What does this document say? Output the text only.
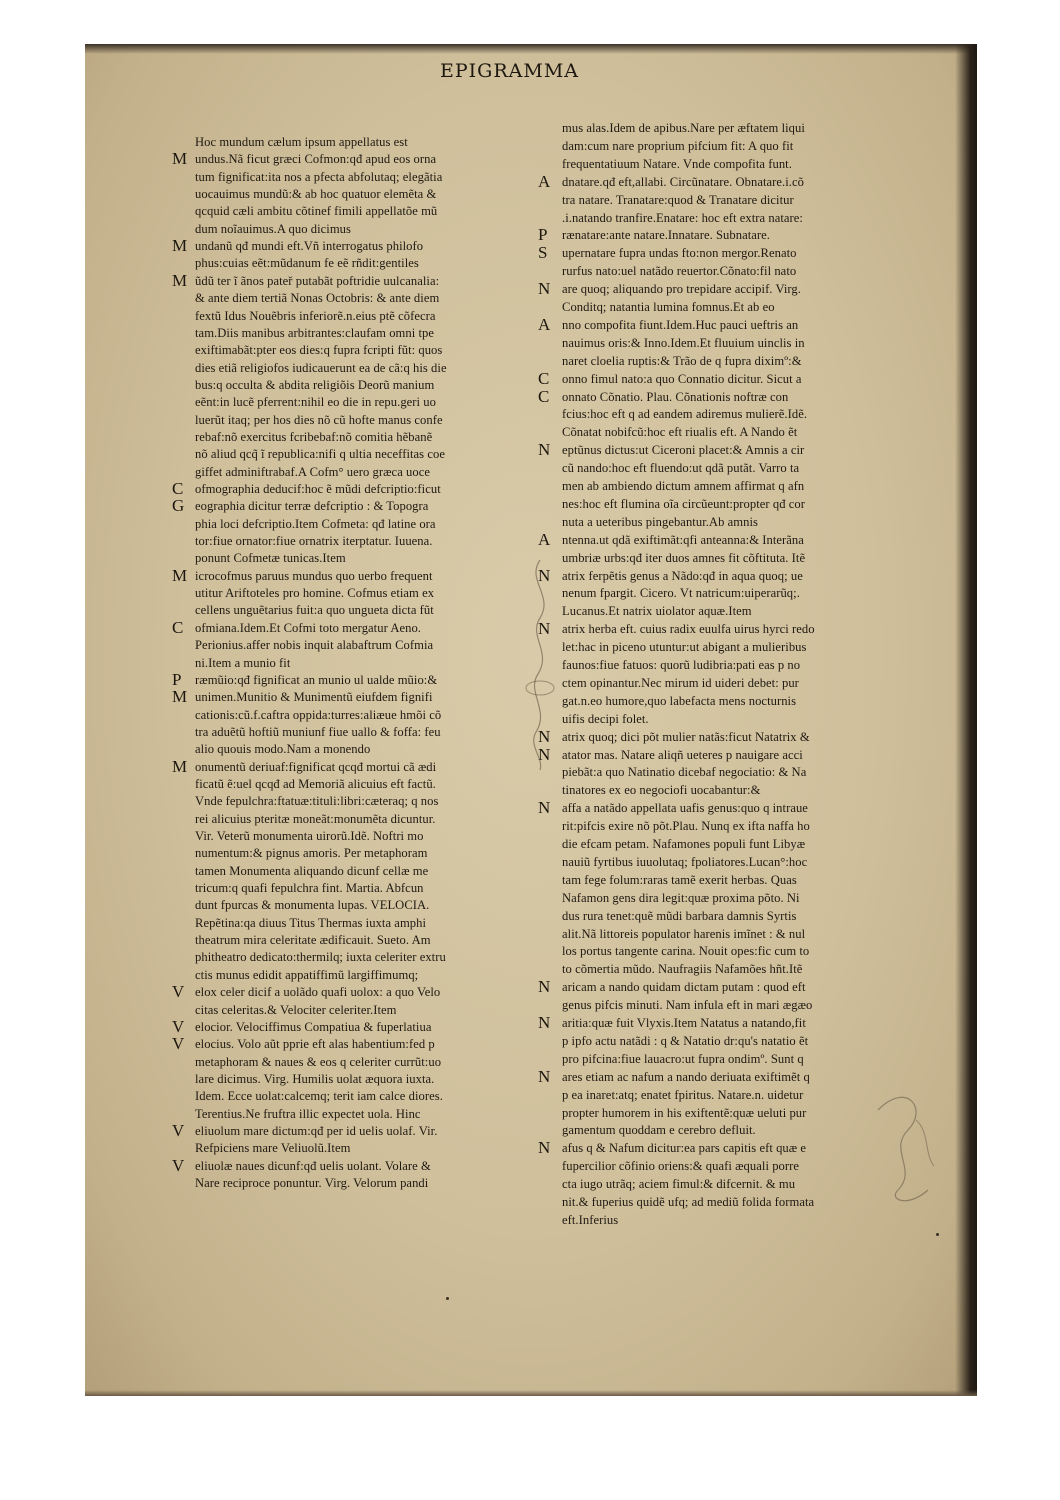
EPIGRAMMA
Hoc mundum cælum ipsum appellatus est
M undus.Nã ficut græci Cofmon:qđ apud eos orna
tum fignificat:ita nos a pfecta abfolutaq; elegãtia
uocauimus mundũ:& ab hoc quatuor elemẽta &
qcquid cæli ambitu cõtinef fimili appellatõe mũ
dum noĩauimus.A quo dicimus
M undanũ qđ mundi eft.Vñ interrogatus philofo
phus:cuias eẽt:mũdanum fe eẽ rñdit:gentiles
M ũdũ ter ĩ ãnos pateř putabãt poftridie uulcanalia:
& ante diem tertiã Nonas Octobris: & ante diem
fextũ Idus Nouẽbris inferiorẽ.n.eius ptẽ cõfecra
tam.Diis manibus arbitrantes:claufam omni tpe
exiftimabãt:pter eos dies:q fupra fcripti fũt: quos
dies etiã religiofos iudicauerunt ea de cã:q his die
bus:q occulta & abdita religiõis Deorũ manium
eẽnt:in lucẽ pferrent:nihil eo die in repu.geri uo
luerũt itaq; per hos dies nõ cũ hofte manus confe
rebaf:nõ exercitus fcribebaf:nõ comitia hẽbanẽ
nõ aliud qcq̃ ĩ republica:nifi q ultia neceffitas coe
giffet adminiftrabaf.A Cofm° uero græca uoce
C ofmographia deducif:hoc ẽ mũdi defcriptio:ficut
G eographia dicitur terræ defcriptio : & Topogra
phia loci defcriptio.Item Cofmeta: qđ latine ora
tor:fiue ornator:fiue ornatrix iterptatur. Iuuena.
ponunt Cofmetæ tunicas.Item
M icrocofmus paruus mundus quo uerbo frequent
utitur Ariftoteles pro homine. Cofmus etiam ex
cellens unguẽtarius fuit:a quo ungueta dicta fũt
C ofmiana.Idem.Et Cofmi toto mergatur Aeno.
Perionius.affer nobis inquit alabaftrum Cofmia
ni.Item a munio fit
P ræmũio:qđ fignificat an munio ul ualde mũio:&
M unimen.Munitio & Munimentũ eiufdem fignifi
cationis:cũ.f.caftra oppida:turres:aliæue hmõi cõ
tra aduẽtũ hoftiũ muniunf fiue uallo & foffa: feu
alio quouis modo.Nam a monendo
M onumentũ deriuaf:fignificat qcqđ mortui cã ædi
ficatũ ẽ:uel qcqđ ad Memoriã alicuius eft factũ.
Vnde fepulchra:ftatuæ:tituli:libri:cæteraq; q nos
rei alicuius pteritæ moneãt:monumẽta dicuntur.
Vir. Veterũ monumenta uirorũ.Idẽ. Noftri mo
numentum:& pignus amoris. Per metaphoram
tamen Monumenta aliquando dicunf cellæ me
tricum:q quafi fepulchra fint. Martia. Abfcun
dunt fpurcas & monumenta lupas. VELOCIA.
Repẽtina:qa diuus Titus Thermas iuxta amphi
theatrum mira celeritate ædificauit. Sueto. Am
phitheatro dedicato:thermilq; iuxta celeriter extru
ctis munus edidit appatiffimũ largiffimumq;
V elox celer dicif a uolãdo quafi uolox: a quo Velo
citas celeritas.& Velociter celeriter.Item
V elocior. Velociffimus Compatiua & fuperlatiua
V elocius. Volo aũt pprie eft alas habentium:fed p
metaphoram & naues & eos q celeriter currũt:uo
lare dicimus. Virg. Humilis uolat æquora iuxta.
Idem. Ecce uolat:calcemq; terit iam calce diores.
Terentius.Ne fruftra illic expectet uola. Hinc
V eliuolum mare dictum:qđ per id uelis uolaf. Vir.
Refpiciens mare Veliuolũ.Item
V eliuolæ naues dicunf:qđ uelis uolant. Volare &
Nare reciproce ponuntur. Virg. Velorum pandi
mus alas.Idem de apibus.Nare per æftatem liqui
dam:cum nare proprium pifcium fit: A quo fit
frequentatiuum Natare. Vnde compofita funt.
A dnatare.qđ eft,allabi. Circũnatare. Obnatare.i.cõ
tra natare. Tranatare:quod & Tranatare dicitur
.i.natando tranfire.Enatare: hoc eft extra natare:
P rænatare:ante natare.Innatare. Subnatare.
S upernatare fupra undas fto:non mergor.Renato
rurfus nato:uel natãdo reuertor.Cõnato:fil nato
N are quoq; aliquando pro trepidare accipif. Virg.
Conditq; natantia lumina fomnus.Et ab eo
A nno compofita fiunt.Idem.Huc pauci ueftris an
nauimus oris:& Inno.Idem.Et fluuium uinclis in
naret cloelia ruptis:& Trão de q fupra diximº:&
C onno fimul nato:a quo Connatio dicitur. Sicut a
C onnato Cõnatio. Plau. Cõnationis noftræ con
fcius:hoc eft q ad eandem adiremus mulierẽ.Idẽ.
Cõnatat nobifcũ:hoc eft riualis eft. A Nando ẽt
N eptũnus dictus:ut Ciceroni placet:& Amnis a cir
cũ nando:hoc eft fluendo:ut qdã putãt. Varro ta
men ab ambiendo dictum amnem affirmat q afn
nes:hoc eft flumina oĩa circũeunt:propter qđ cor
nuta a ueteribus pingebantur.Ab amnis
A ntenna.ut qdã exiftimãt:qfi anteanna:& Interãna
umbriæ urbs:qđ iter duos amnes fit cõftituta. Itẽ
N atrix ferpẽtis genus a Nãdo:qđ in aqua quoq; ue
nenum fpargit. Cicero. Vt natricum:uiperarũq;.
Lucanus.Et natrix uiolator aquæ.Item
N atrix herba eft. cuius radix euulfa uirus hyrci redo
let:hac in piceno utuntur:ut abigant a mulieribus
faunos:fiue fatuos: quorũ ludibria:pati eas p no
ctem opinantur.Nec mirum id uideri debet: pur
gat.n.eo humore,quo labefacta mens nocturnis
uifis decipi folet.
N atrix quoq; dici põt mulier natãs:ficut Natatrix &
N atator mas. Natare aliqñ ueteres p nauigare acci
piebãt:a quo Natinatio dicebaf negociatio: & Na
tinatores ex eo negociofi uocabantur:&
N affa a natãdo appellata uafis genus:quo q intraue
rit:pifcis exire nõ põt.Plau. Nunq ex ifta naffa ho
die efcam petam. Nafamones populi funt Libyæ
nauiũ fyrtibus iuuolutaq; fpoliatores.Lucan°:hoc
tam fege folum:raras tamẽ exerit herbas. Quas
Nafamon gens dira legit:quæ proxima põto. Ni
dus rura tenet:quẽ mũdi barbara damnis Syrtis
alit.Nã littoreis populator harenis imĩnet : & nul
los portus tangente carina. Nouit opes:fic cum to
to cõmertia mũdo. Naufragiis Nafamões hñt.Itẽ
N aricam a nando quidam dictam putam : quod eft
genus pifcis minuti. Nam infula eft in mari ægæo
N aritia:quæ fuit Vlyxis.Item Natatus a natando,fit
p ipfo actu natãdi : q & Natatio dr:qu's natatio ẽt
pro pifcina:fiue lauacro:ut fupra ondimº. Sunt q
N ares etiam ac nafum a nando deriuata exiftimẽt q
p ea inaret:atq; enatet fpiritus. Natare.n. uidetur
propter humorem in his exiftentẽ:quæ ueluti pur
gamentum quoddam e cerebro defluit.
N afus q & Nafum dicitur:ea pars capitis eft quæ e
fupercilior cõfinio oriens:& quafi æquali porre
cta iugo utrãq; aciem fimul:& difcernit. & mu
nit.& fuperius quidẽ ufq; ad mediũ folida formata
eft.Inferius
